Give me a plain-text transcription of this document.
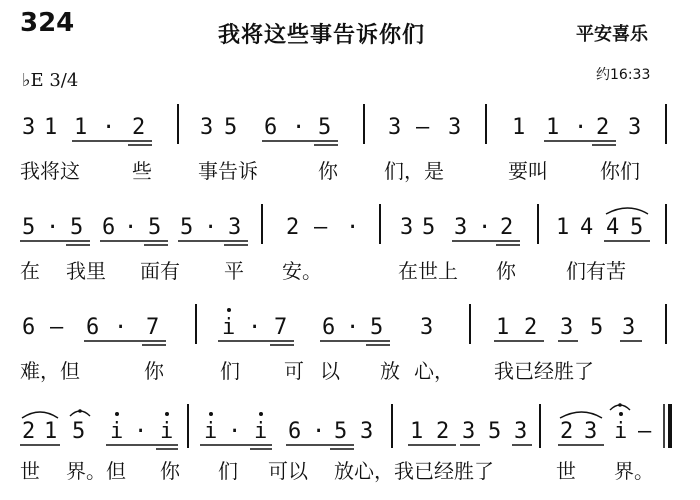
324	我将这些事告诉你们	平安喜乐
♭E 3/4	约16:33
3 1 1 · 2 3 5 6 · 5	3 — 3 1 1 · 2 3
我将这	些 事告诉	你 们，是	要叫	你们
5 · 5 6 · 5 5 · 3 2 — · 3 5 3 · 2 1 4 4 5
在 我里 面有 平 安。	在世上 你	们有苦
6 — 6 · 7	i · 7 6 · 5 3	1 2 3 5 3
难，但	你	们 可 以 放 心， 我已经胜了
2 1 5 i · i i · i 6 · 5 3 1 2 3 5 3 2 3 i —
世 界。但 你 们 可以 放心，我已经胜了	世 界。
